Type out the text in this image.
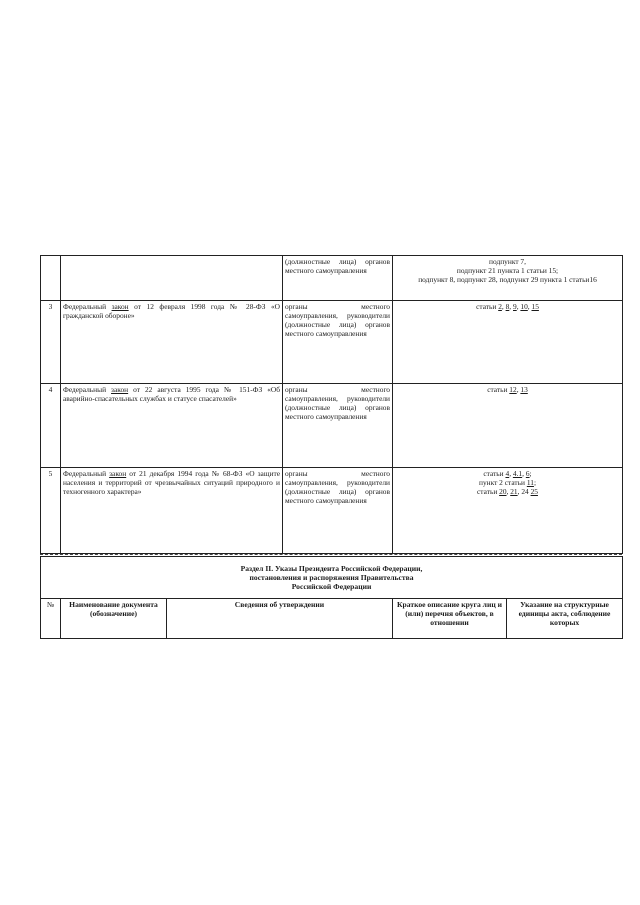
		(должностные лица) органов местного самоуправления	подпункт 7,
подпункт 21 пункта 1 статьи 15;
подпункт 8, подпункт 28, подпункт 29 пункта 1 статьи16

3	Федеральный закон от 12 февраля 1998 года № 28-ФЗ «О гражданской обороне»	органы местного самоуправления, руководители (должностные лица) органов местного самоуправления	статьи 2, 8, 9, 10, 15
4	Федеральный закон от 22 августа 1995 года № 151-ФЗ «Об аварийно-спасательных службах и статусе спасателей»	органы местного самоуправления, руководители (должностные лица) органов местного самоуправления	статьи 12, 13
5	Федеральный закон от 21 декабря 1994 года № 68-ФЗ «О защите населения и территорий от чрезвычайных ситуаций природного и техногенного характера»	органы местного самоуправления, руководители (должностные лица) органов местного самоуправления	статьи 4, 4.1, 6;
пункт 2 статьи 11;
статьи 20, 21, 24 25
Раздел II. Указы Президента Российской Федерации,
постановления и распоряжения Правительства
Российской Федерации

№	Наименование документа (обозначение)	Сведения об утверждении	Краткое описание круга лиц и (или) перечня объектов, в отношении	Указание на структурные единицы акта, соблюдение которых
